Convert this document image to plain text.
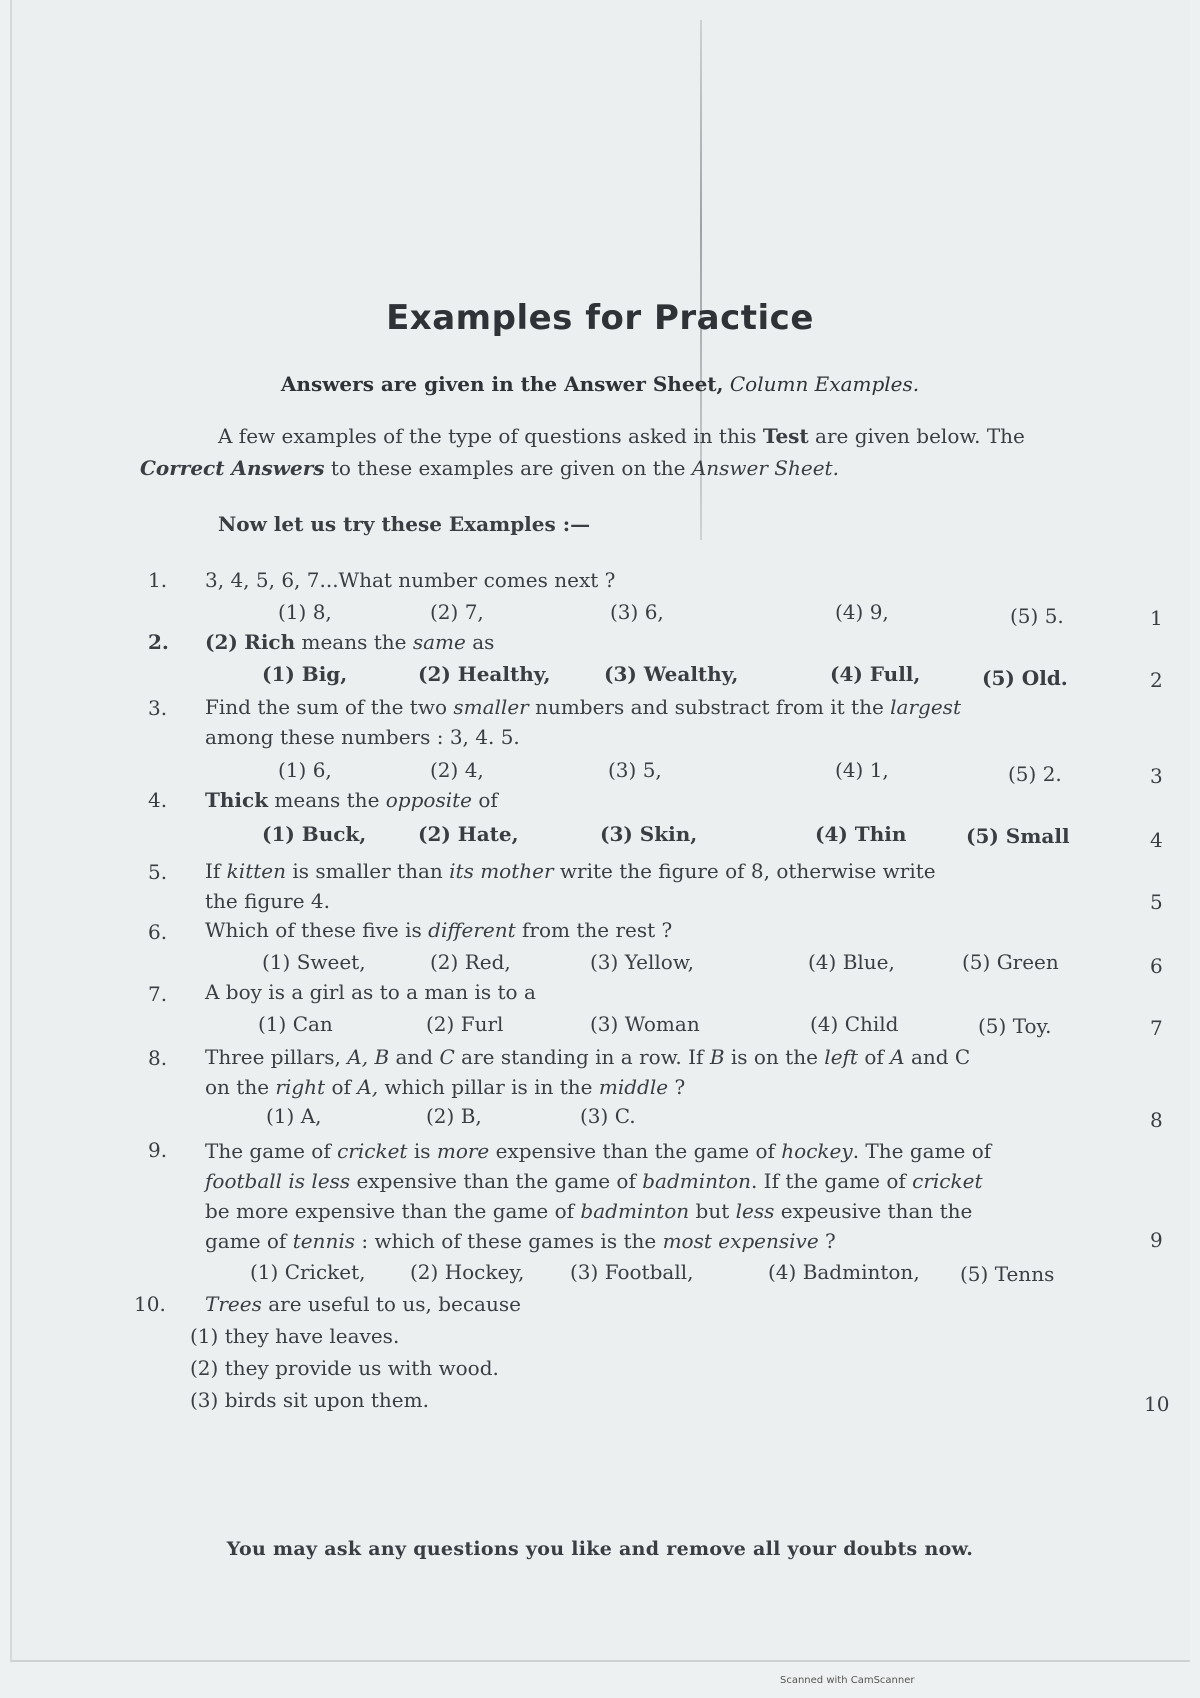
Examples for Practice
Answers are given in the Answer Sheet, Column Examples.
A few examples of the type of questions asked in this Test are given below. The
Correct Answers to these examples are given on the Answer Sheet.
Now let us try these Examples :—
1.	3, 4, 5, 6, 7...What number comes next ?
(1) 8,	(2) 7,	(3) 6,	(4) 9,	(5) 5.	1
2.	(2) Rich means the same as
(1) Big,	(2) Healthy,	(3) Wealthy,	(4) Full,	(5) Old.	2
3.	Find the sum of the two smaller numbers and substract from it the largest
among these numbers : 3, 4. 5.
(1) 6,	(2) 4,	(3) 5,	(4) 1,	(5) 2.	3
4.	Thick means the opposite of
(1) Buck,	(2) Hate,	(3) Skin,	(4) Thin	(5) Small	4
5.	If kitten is smaller than its mother write the figure of 8, otherwise write
the figure 4.	5
6.	Which of these five is different from the rest ?
(1) Sweet,	(2) Red,	(3) Yellow,	(4) Blue,	(5) Green	6
7.	A boy is a girl as to a man is to a
(1) Can	(2) Furl	(3) Woman	(4) Child	(5) Toy.	7
8.	Three pillars, A, B and C are standing in a row. If B is on the left of A and C
on the right of A, which pillar is in the middle ?
(1) A,	(2) B,	(3) C.	8
9.	The game of cricket is more expensive than the game of hockey. The game of
football is less expensive than the game of badminton. If the game of cricket
be more expensive than the game of badminton but less expeusive than the
game of tennis : which of these games is the most expensive ?
(1) Cricket, (2) Hockey, (3) Football,	(4) Badminton, (5) Tenns
9
10.	Trees are useful to us, because
(1) they have leaves.
(2) they provide us with wood.
(3) birds sit upon them.	10
You may ask any questions you like and remove all your doubts now.
Scanned with CamScanner
